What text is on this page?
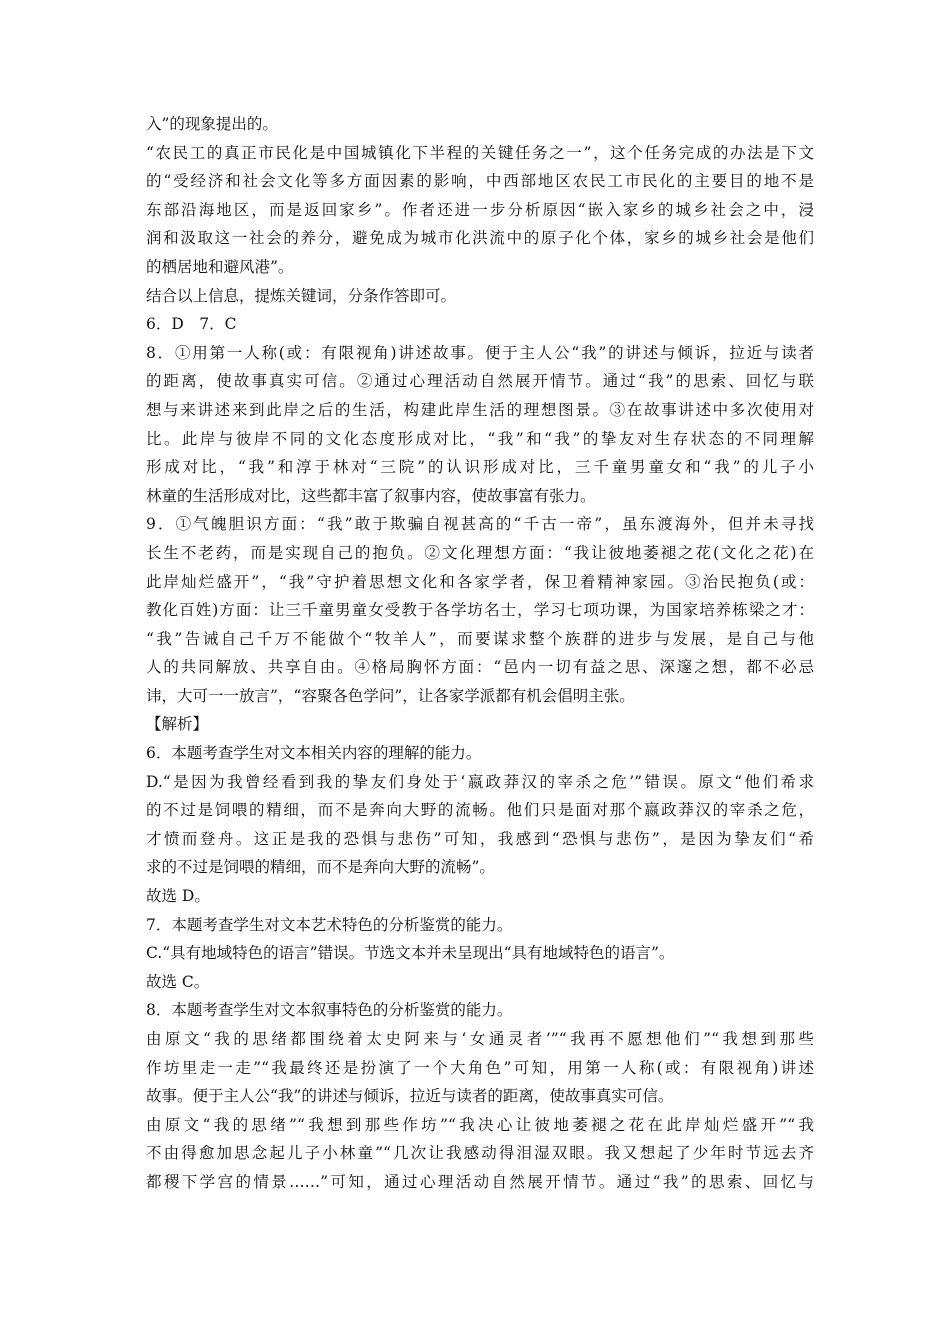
入”的现象提出的。
“农民工的真正市民化是中国城镇化下半程的关键任务之一”，这个任务完成的办法是下文
的“受经济和社会文化等多方面因素的影响，中西部地区农民工市民化的主要目的地不是
东部沿海地区，而是返回家乡”。作者还进一步分析原因“嵌入家乡的城乡社会之中，浸
润和汲取这一社会的养分，避免成为城市化洪流中的原子化个体，家乡的城乡社会是他们
的栖居地和避风港”。
结合以上信息，提炼关键词，分条作答即可。
6．D　7．C
8．①用第一人称(或：有限视角)讲述故事。便于主人公“我”的讲述与倾诉，拉近与读者
的距离，使故事真实可信。②通过心理活动自然展开情节。通过“我”的思索、回忆与联
想与来讲述来到此岸之后的生活，构建此岸生活的理想图景。③在故事讲述中多次使用对
比。此岸与彼岸不同的文化态度形成对比，“我”和“我”的挚友对生存状态的不同理解
形成对比，“我”和淳于林对“三院”的认识形成对比，三千童男童女和“我”的儿子小
林童的生活形成对比，这些都丰富了叙事内容，使故事富有张力。
9．①气魄胆识方面：“我”敢于欺骗自视甚高的“千古一帝”，虽东渡海外，但并未寻找
长生不老药，而是实现自己的抱负。②文化理想方面：“我让彼地萎褪之花(文化之花)在
此岸灿烂盛开”，“我”守护着思想文化和各家学者，保卫着精神家园。③治民抱负(或：
教化百姓)方面：让三千童男童女受教于各学坊名士，学习七项功课，为国家培养栋梁之才：
“我”告诫自己千万不能做个“牧羊人”，而要谋求整个族群的进步与发展，是自己与他
人的共同解放、共享自由。④格局胸怀方面：“邑内一切有益之思、深邃之想，都不必忌
讳，大可一一放言”，“容聚各色学问”，让各家学派都有机会倡明主张。
【解析】
6．本题考查学生对文本相关内容的理解的能力。
D.“是因为我曾经看到我的挚友们身处于‘嬴政莽汉的宰杀之危’”错误。原文“他们希求
的不过是饲喂的精细，而不是奔向大野的流畅。他们只是面对那个嬴政莽汉的宰杀之危，
才愤而登舟。这正是我的恐惧与悲伤”可知，我感到“恐惧与悲伤”，是因为挚友们“希
求的不过是饲喂的精细，而不是奔向大野的流畅”。
故选 D。
7．本题考查学生对文本艺术特色的分析鉴赏的能力。
C.“具有地域特色的语言”错误。节选文本并未呈现出“具有地域特色的语言”。
故选 C。
8．本题考查学生对文本叙事特色的分析鉴赏的能力。
由原文“我的思绪都围绕着太史阿来与‘女通灵者’”“我再不愿想他们”“我想到那些
作坊里走一走”“我最终还是扮演了一个大角色”可知，用第一人称(或：有限视角)讲述
故事。便于主人公“我”的讲述与倾诉，拉近与读者的距离，使故事真实可信。
由原文“我的思绪”“我想到那些作坊”“我决心让彼地萎褪之花在此岸灿烂盛开”“我
不由得愈加思念起儿子小林童”“几次让我感动得泪湿双眼。我又想起了少年时节远去齐
都稷下学宫的情景……”可知，通过心理活动自然展开情节。通过“我”的思索、回忆与
